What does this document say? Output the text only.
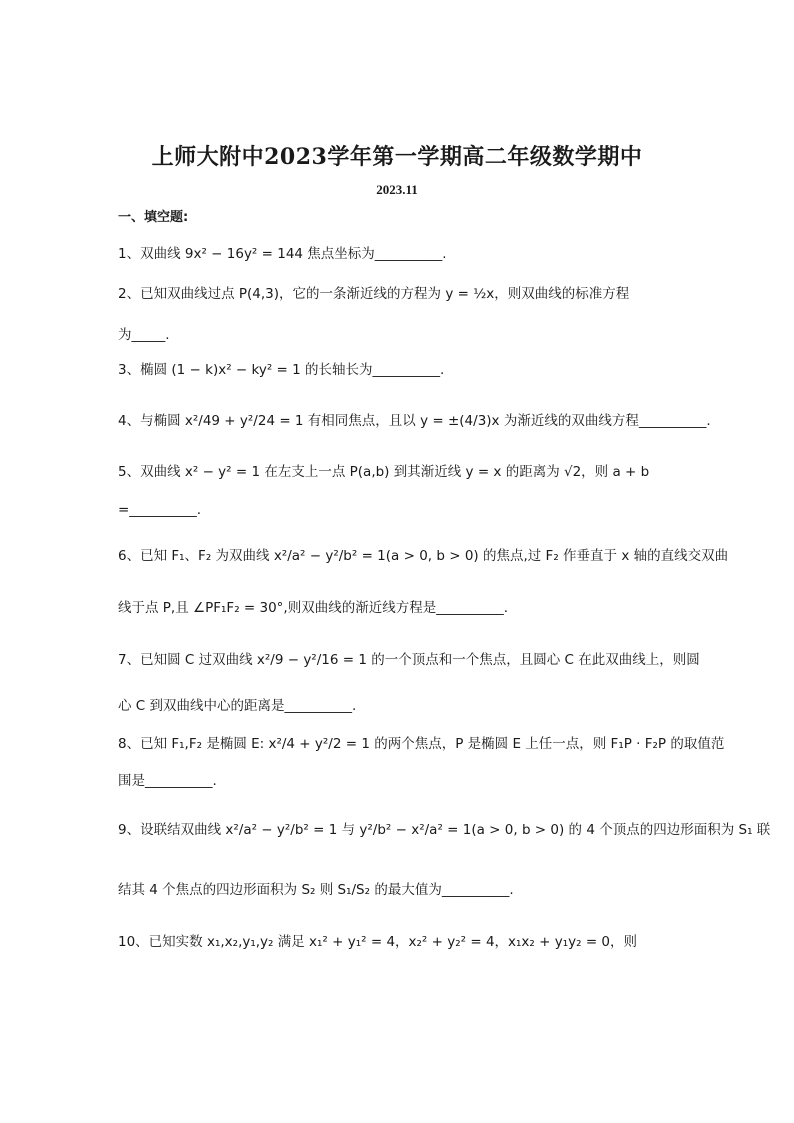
上师大附中2023学年第一学期高二年级数学期中
2023.11
一、填空题:
1、双曲线 9x² − 16y² = 144 焦点坐标为__________.
2、已知双曲线过点 P(4,3)，它的一条渐近线的方程为 y = ½x，则双曲线的标准方程
为_____.
3、椭圆 (1 − k)x² − ky² = 1 的长轴长为__________.
4、与椭圆 x²/49 + y²/24 = 1 有相同焦点，且以 y = ±(4/3)x 为渐近线的双曲线方程__________.
5、双曲线 x² − y² = 1 在左支上一点 P(a,b) 到其渐近线 y = x 的距离为 √2，则 a + b
=__________.
6、已知 F₁、F₂ 为双曲线 x²/a² − y²/b² = 1(a > 0, b > 0) 的焦点,过 F₂ 作垂直于 x 轴的直线交双曲
线于点 P,且 ∠PF₁F₂ = 30°,则双曲线的渐近线方程是__________.
7、已知圆 C 过双曲线 x²/9 − y²/16 = 1 的一个顶点和一个焦点，且圆心 C 在此双曲线上，则圆
心 C 到双曲线中心的距离是__________.
8、已知 F₁,F₂ 是椭圆 E: x²/4 + y²/2 = 1 的两个焦点，P 是椭圆 E 上任一点，则 F₁P · F₂P 的取值范
围是__________.
9、设联结双曲线 x²/a² − y²/b² = 1 与 y²/b² − x²/a² = 1(a > 0, b > 0) 的 4 个顶点的四边形面积为 S₁ 联
结其 4 个焦点的四边形面积为 S₂ 则 S₁/S₂ 的最大值为__________.
10、已知实数 x₁,x₂,y₁,y₂ 满足 x₁² + y₁² = 4，x₂² + y₂² = 4，x₁x₂ + y₁y₂ = 0，则
